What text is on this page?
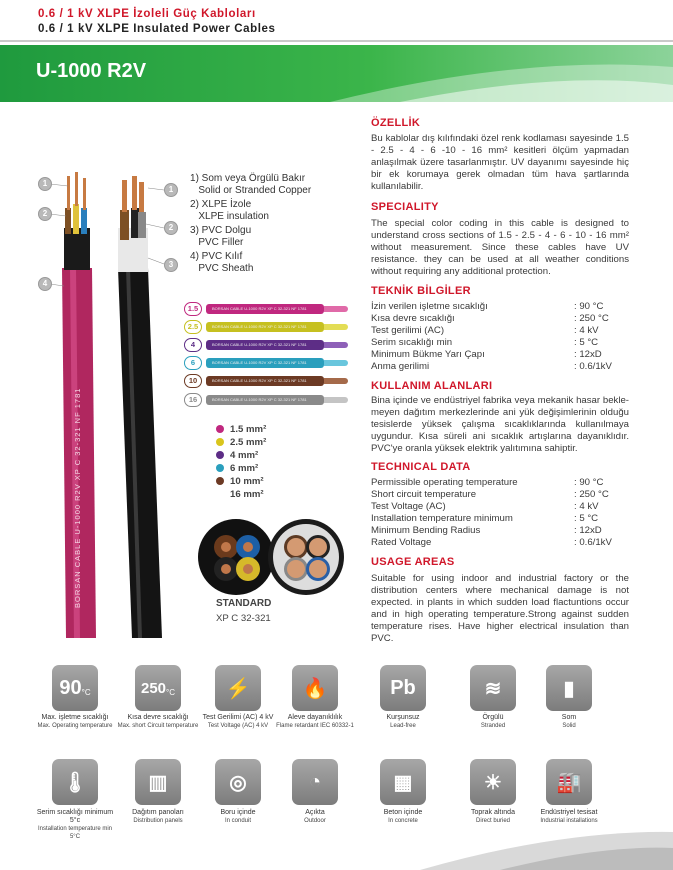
0.6 / 1 kV XLPE İzoleli Güç Kabloları
0.6 / 1 kV XLPE Insulated Power Cables
U-1000 R2V
BORSAN CABLE U-1000 R2V XP C 32-321 NF 1781
1
2
4
1
2
3
1) Som veya Örgülü Bakır
Solid or Stranded Copper
2) XLPE İzole
XLPE insulation
3) PVC Dolgu
PVC Filler
4) PVC Kılıf
PVC Sheath
1.5	BORSAN CABLE U-1000 R2V XP C 32-321 NF 1781
2.5	BORSAN CABLE U-1000 R2V XP C 32-321 NF 1781
4	BORSAN CABLE U-1000 R2V XP C 32-321 NF 1781
6	BORSAN CABLE U-1000 R2V XP C 32-321 NF 1781
10	BORSAN CABLE U-1000 R2V XP C 32-321 NF 1781
16	BORSAN CABLE U-1000 R2V XP C 32-321 NF 1781
1.5 mm²
2.5 mm²
4 mm²
6 mm²
10 mm²
16 mm²
STANDARD
XP C 32-321
ÖZELLİK
Bu kablolar dış kılıfındaki özel renk kodlaması sayesinde 1.5 - 2.5 - 4 - 6 -10 - 16 mm² kesitleri ölçüm yapmadan anlaşılmak üzere tasarlanmıştır. UV dayanımı sayesinde hiç bir ek korumaya gerek olmadan tüm hava şartlarında kullanılabilir.
SPECIALITY
The special color coding in this cable is designed to understand cross sections of 1.5 - 2.5 - 4 - 6 - 10 - 16 mm² without measurement. Since these cables have UV resistance. they can be used at all weather conditions without requiring any additional protection.
TEKNİK BİLGİLER
İzin verilen işletme sıcaklığı	: 90 °C
Kısa devre sıcaklığı	: 250 °C
Test gerilimi (AC)	: 4 kV
Serim sıcaklığı min	: 5 °C
Minimum Bükme Yarı Çapı	: 12xD
Anma gerilimi	: 0.6/1kV
KULLANIM ALANLARI
Bina içinde ve endüstriyel fabrika veya mekanik hasar bekle-meyen dağıtım merkezlerinde ani yük değişimlerinin olduğu tesislerde yüksek çalışma sıcaklıklarında kullanılmaya uygundur. Kısa süreli ani sıcaklık artışlarına dayanıklıdır. PVC'ye oranla yüksek elektrik yalıtımına sahiptir.
TECHNICAL DATA
Permissible operating temperature	: 90 °C
Short circuit temperature	: 250 °C
Test Voltage (AC)	: 4 kV
Installation temperature minimum	: 5 °C
Minimum Bending Radius	: 12xD
Rated Voltage	: 0.6/1kV
USAGE AREAS
Suitable for using indoor and industrial factory or the distribution centers where mechanical damage is not expected. in plants in which sudden load flactuntions occur and in high operating temperature.Strong against sudden temperature rises. Have higher electrical insulation than PVC.
90 °C
Max. işletme sıcaklığı
Max. Operating temperature
250 °C
Kısa devre sıcaklığı
Max. short Circuit temperature
⚡
Test Gerilimi (AC) 4 kV
Test Voltage (AC) 4 kV
🔥
Aleve dayanıklılık
Flame retardant IEC 60332-1
Pb
Kurşunsuz
Lead-free
≋
Örgülü
Stranded
▮
Som
Solid
🌡
Serim sıcaklığı minimum 5°c
Installation temperature min 5°C
▥
Dağıtım panoları
Distribution panels
◎
Boru içinde
In conduit
◔
Açıkta
Outdoor
▦
Beton içinde
In concrete
☀
Toprak altında
Direct buried
🏭
Endüstriyel tesisat
Industrial installations
